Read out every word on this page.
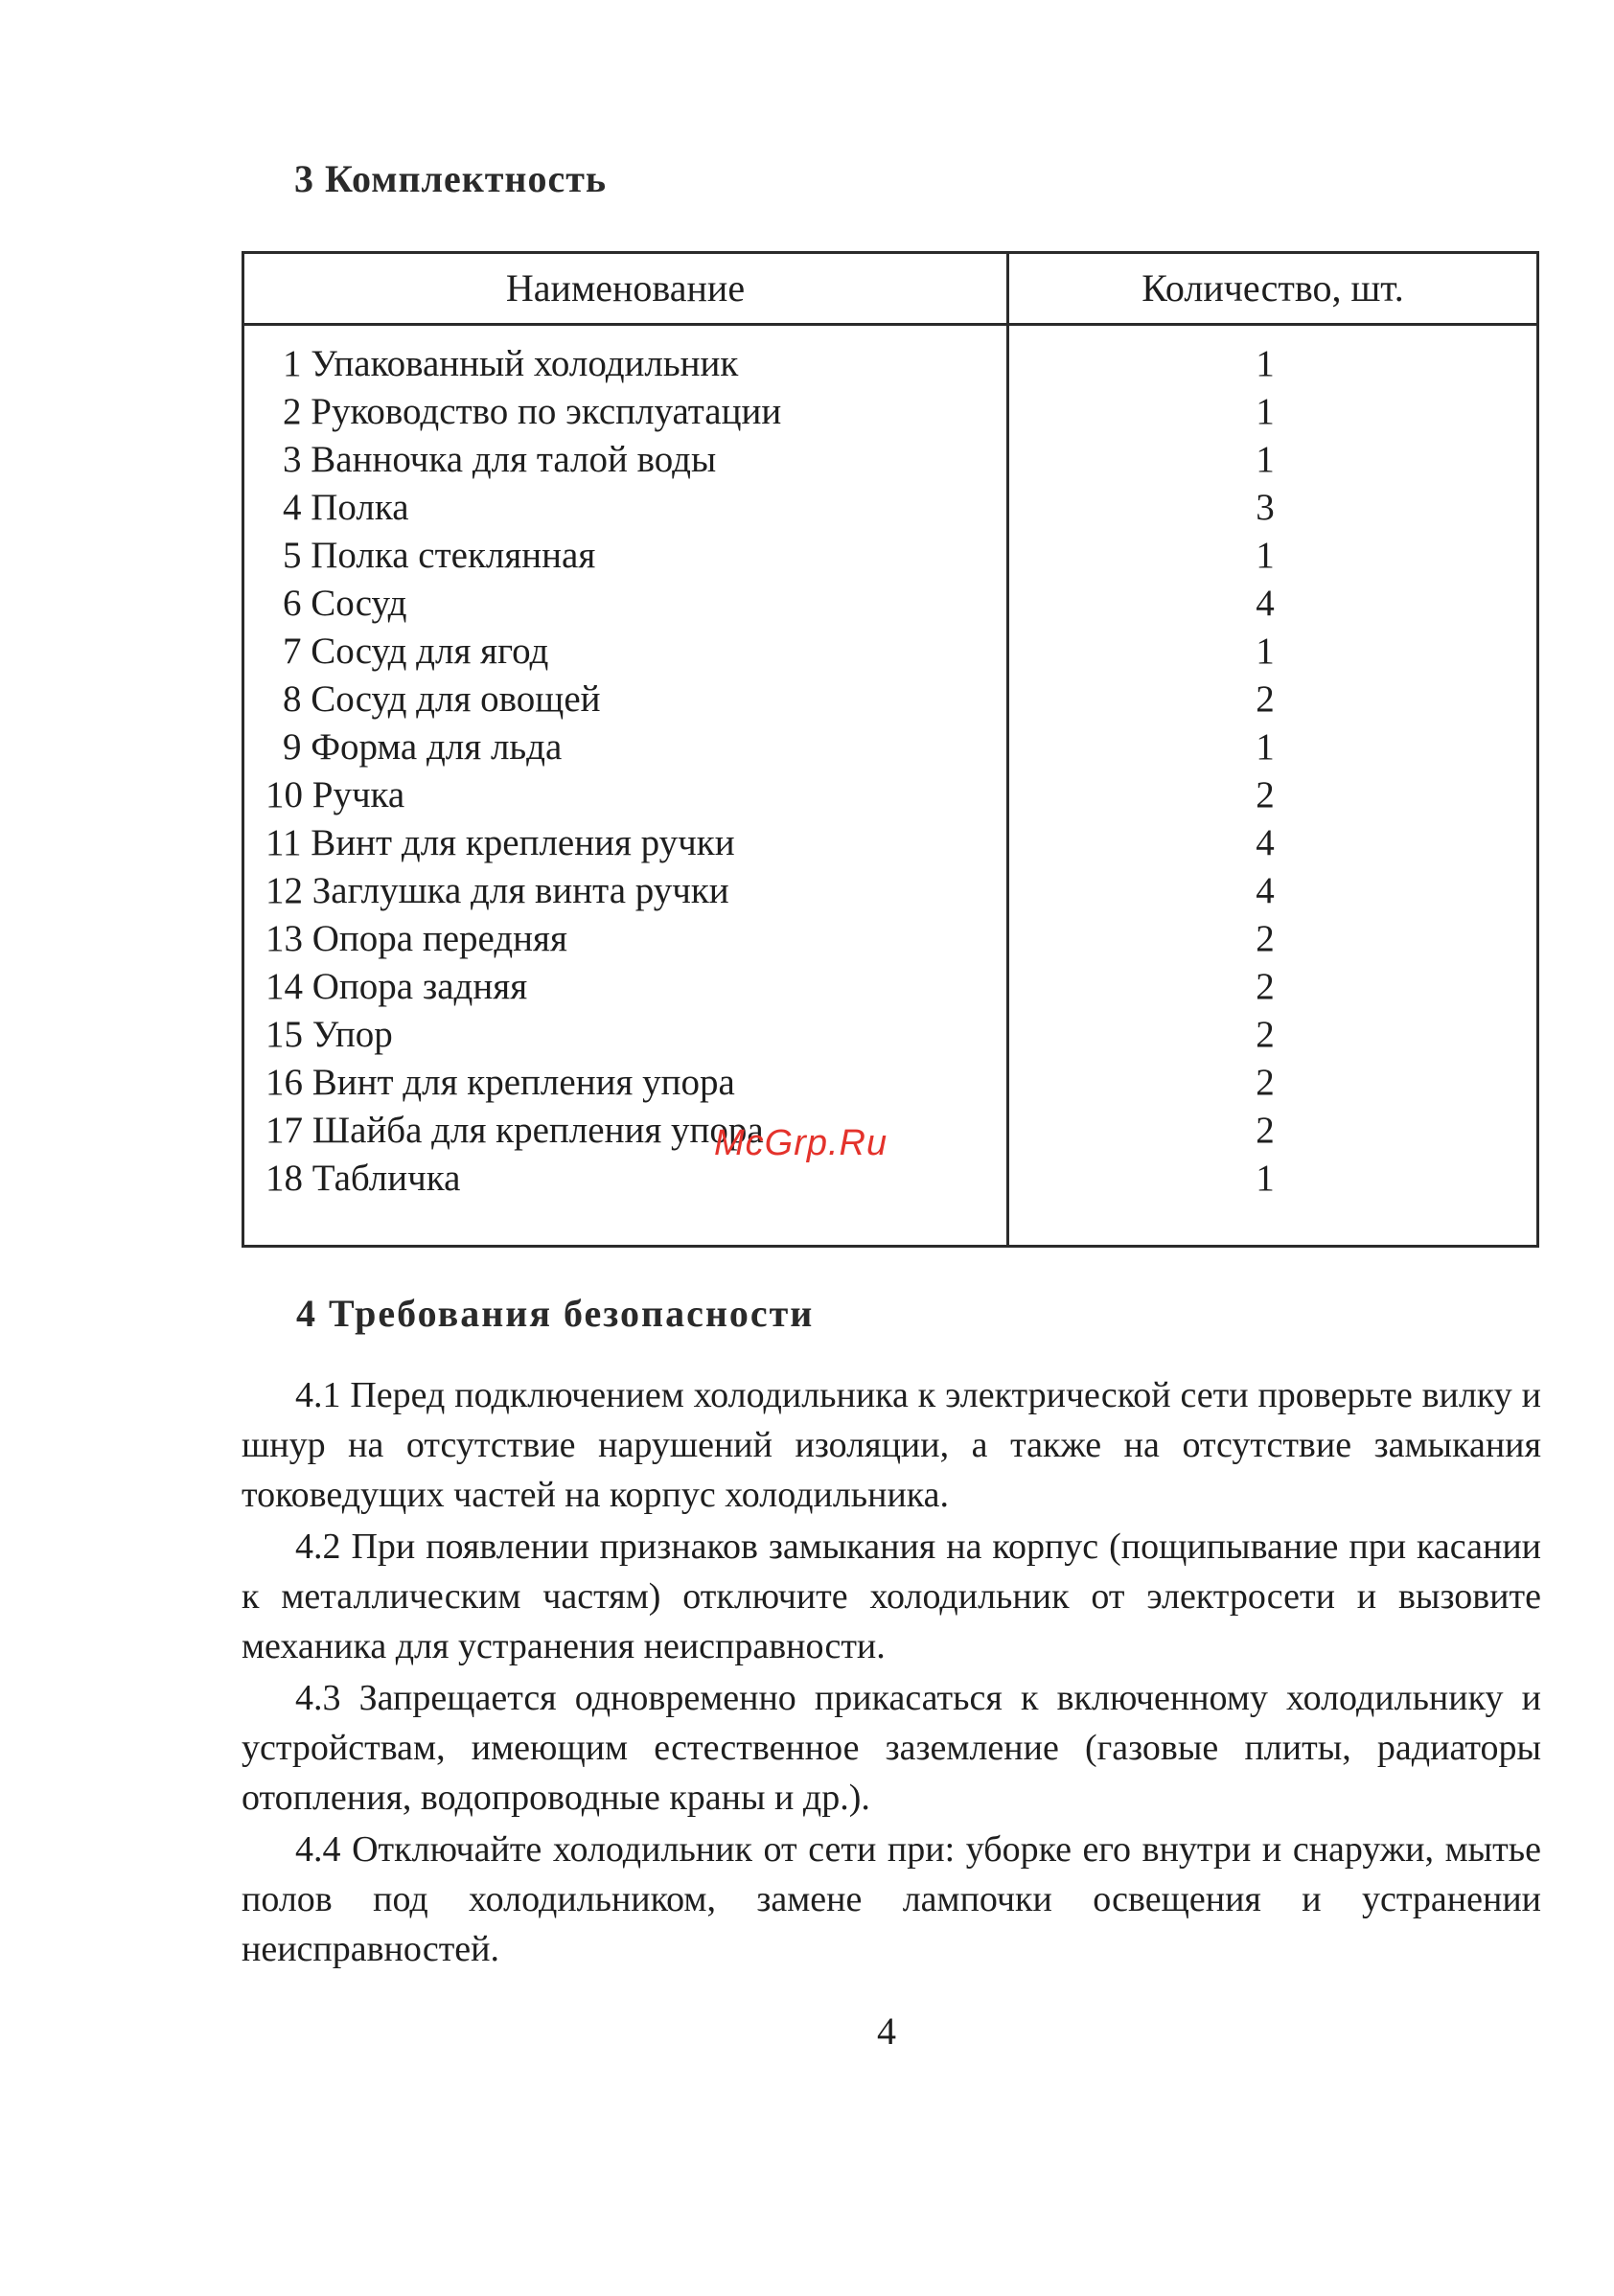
3 Комплектность
Наименование	Количество, шт.
1 Упакованный холодильник	1
2 Руководство по эксплуатации	1
3 Ванночка для талой воды	1
4 Полка	3
5 Полка стеклянная	1
6 Сосуд	4
7 Сосуд для ягод	1
8 Сосуд для овощей	2
9 Форма для льда	1
10 Ручка	2
11 Винт для крепления ручки	4
12 Заглушка для винта ручки	4
13 Опора передняя	2
14 Опора задняя	2
15 Упор	2
16 Винт для крепления упора	2
17 Шайба для крепления упора	2
18 Табличка	1
McGrp.Ru
4 Требования безопасности
4.1 Перед подключением холодильника к электрической сети проверьте вилку и шнур на отсутствие нарушений изоляции, а также на отсутствие замыкания токоведущих частей на корпус холодильника.
4.2 При появлении признаков замыкания на корпус (пощипывание при касании к металлическим частям) отключите холодильник от электросети и вызовите механика для устранения неисправности.
4.3 Запрещается одновременно прикасаться к включенному холодильнику и устройствам, имеющим естественное заземление (газовые плиты, радиаторы отопления, водопроводные краны и др.).
4.4 Отключайте холодильник от сети при: уборке его внутри и снаружи, мытье полов под холодильником, замене лампочки освещения и устранении неисправностей.
4
